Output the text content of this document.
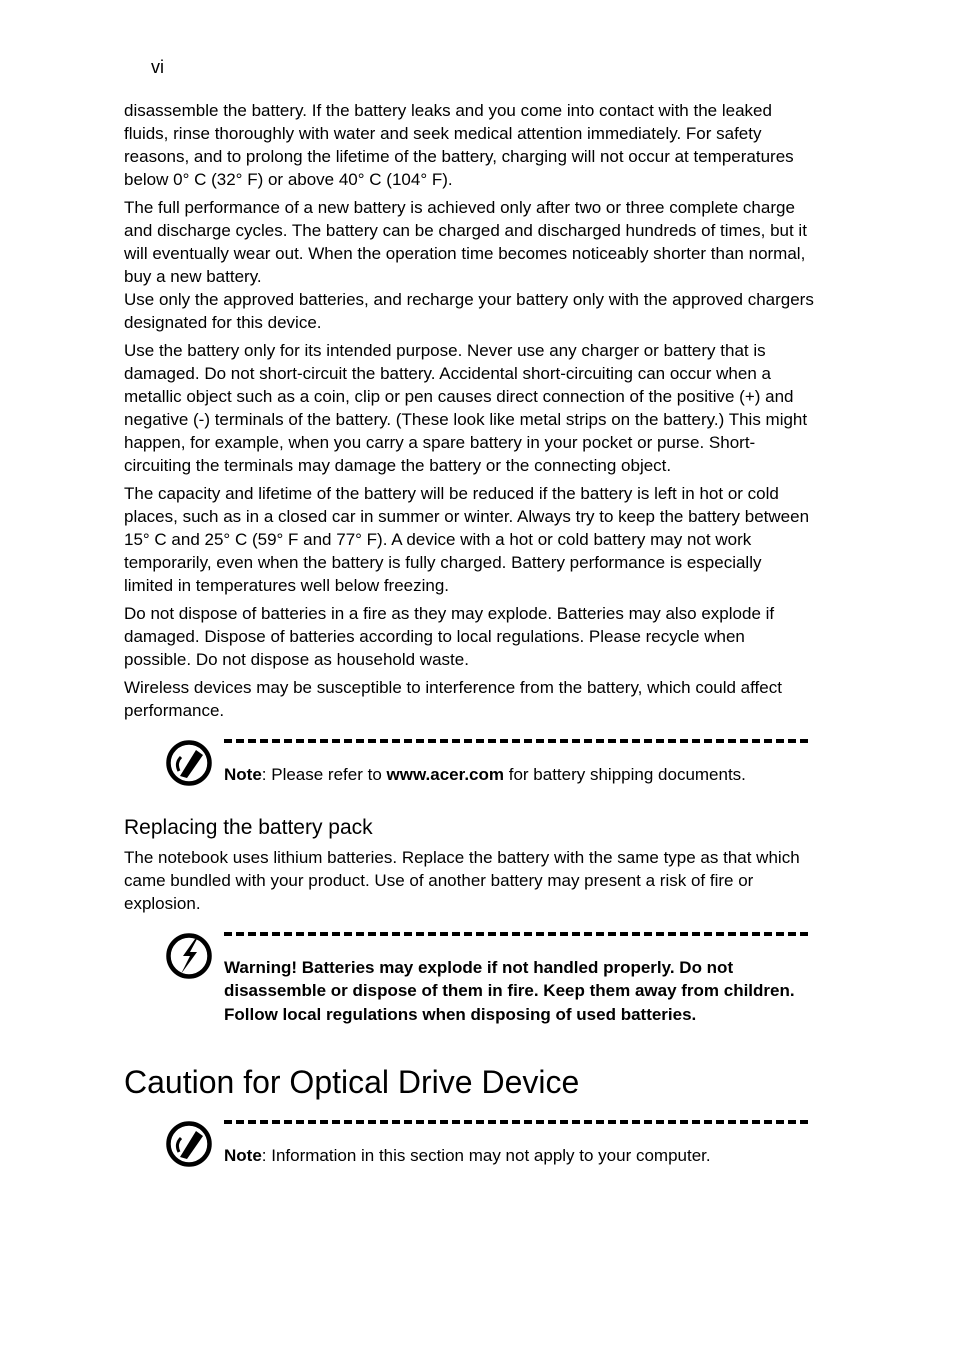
vi

disassemble the battery. If the battery leaks and you come into contact with the leaked fluids, rinse thoroughly with water and seek medical attention immediately. For safety reasons, and to prolong the lifetime of the battery, charging will not occur at temperatures below 0° C (32° F) or above 40° C (104° F).

The full performance of a new battery is achieved only after two or three complete charge and discharge cycles. The battery can be charged and discharged hundreds of times, but it will eventually wear out. When the operation time becomes noticeably shorter than normal, buy a new battery.

Use only the approved batteries, and recharge your battery only with the approved chargers designated for this device.

Use the battery only for its intended purpose. Never use any charger or battery that is damaged. Do not short-circuit the battery. Accidental short-circuiting can occur when a metallic object such as a coin, clip or pen causes direct connection of the positive (+) and negative (-) terminals of the battery. (These look like metal strips on the battery.) This might happen, for example, when you carry a spare battery in your pocket or purse. Short-circuiting the terminals may damage the battery or the connecting object.

The capacity and lifetime of the battery will be reduced if the battery is left in hot or cold places, such as in a closed car in summer or winter. Always try to keep the battery between 15° C and 25° C (59° F and 77° F). A device with a hot or cold battery may not work temporarily, even when the battery is fully charged. Battery performance is especially limited in temperatures well below freezing.

Do not dispose of batteries in a fire as they may explode. Batteries may also explode if damaged. Dispose of batteries according to local regulations. Please recycle when possible. Do not dispose as household waste.

Wireless devices may be susceptible to interference from the battery, which could affect performance.

Note: Please refer to www.acer.com for battery shipping documents.
Replacing the battery pack

The notebook uses lithium batteries. Replace the battery with the same type as that which came bundled with your product. Use of another battery may present a risk of fire or explosion.

Warning! Batteries may explode if not handled properly. Do not disassemble or dispose of them in fire. Keep them away from children. Follow local regulations when disposing of used batteries.
Caution for Optical Drive Device
Note: Information in this section may not apply to your computer.
